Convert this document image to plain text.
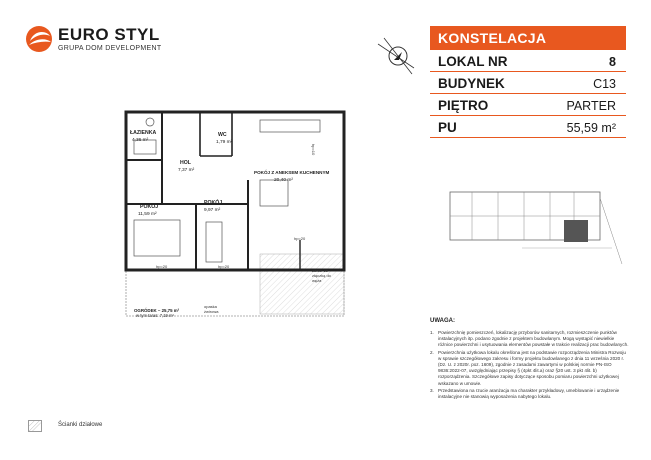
EURO STYL
GRUPA DOM DEVELOPMENT
KONSTELACJA
LOKAL NR	8
BUDYNEK	C13
PIĘTRO	PARTER
PU	55,59 m²
ŁAZIENKA
4,36 m²
HOL
7,37 m²
WC
1,79 m²
POKÓJ Z ANEKSEM KUCHENNYM
20,40 m²
POKÓJ
11,59 m²
POKÓJ
9,97 m²
hp=10
hp=20	hp=20
hp=20
zawór ze
złączką do
węża
opaska
żwirowa
OGRÓDEK – 25,75 m²
w tym taras: 7,19 m²
UWAGA:
1. Powierzchnię pomieszczeń, lokalizację przyborów sanitarnych, rozmieszczenie punktów instalacyjnych itp. podano zgodnie z projektem budowlanym. Mogą wystąpić niewielkie różnice powierzchni i usytuowania elementów powstałe w trakcie realizacji prac budowlanych.
2. Powierzchnia użytkowa lokalu określona jest na podstawie rozporządzenia Ministra Rozwoju w sprawie szczegółowego zakresu i formy projektu budowlanego z dnia 11 września 2020 r. (Dz. U. z 2020r. poz. 1609), zgodnie z zasadami zawartymi w polskiej normie PN-ISO 9836:2022-07, uwzględniając przepisy § (4pkt 4lit.a) oraz §20 ust. 3 pkt 4lit. b) rozporządzenia. Szczegółowe zapisy dotyczące sposobu pomiaru powierzchni użytkowej wskazano w umowie.
3. Przedstawiona na rzucie aranżacja ma charakter przykładowy, umeblowanie i urządzenie instalacyjne nie stanowią wyposażenia nabytego lokalu.
Ścianki działowe
